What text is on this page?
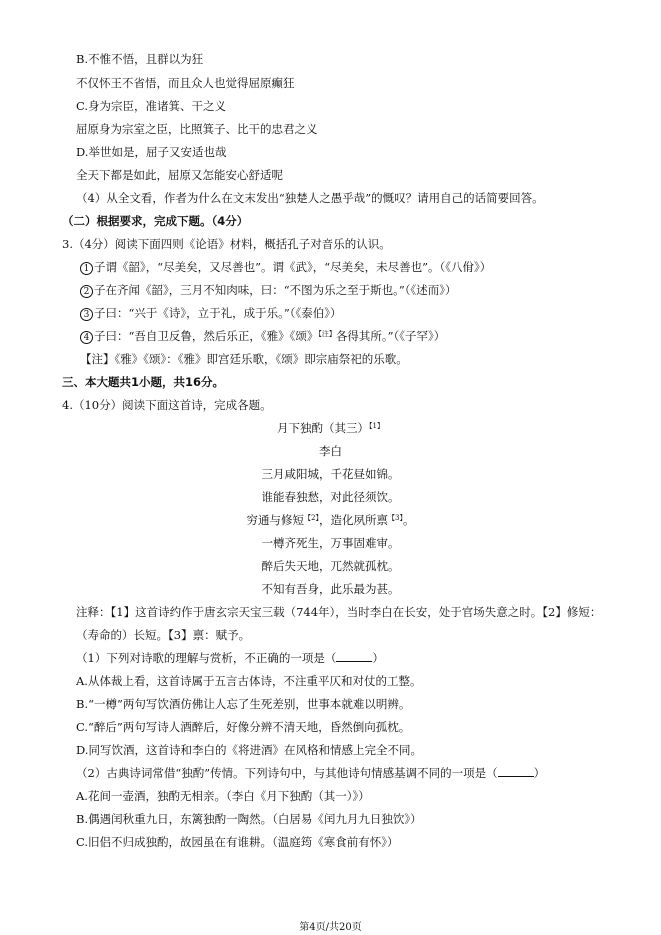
B.不惟不悟，且群以为狂
不仅怀王不省悟，而且众人也觉得屈原癫狂
C.身为宗臣，准诸箕、干之义
屈原身为宗室之臣，比照箕子、比干的忠君之义
D.举世如是，屈子又安适也哉
全天下都是如此，屈原又怎能安心舒适呢
（4）从全文看，作者为什么在文末发出“独楚人之愚乎哉”的慨叹？请用自己的话简要回答。
（二）根据要求，完成下题。（4分）
3.（4分）阅读下面四则《论语》材料，概括孔子对音乐的认识。
1 子谓《韶》，“尽美矣，又尽善也”。谓《武》，“尽美矣，未尽善也”。（《八佾》）
2 子在齐闻《韶》，三月不知肉味，曰：“不图为乐之至于斯也。”（《述而》）
3 子曰：“兴于《诗》，立于礼，成于乐。”（《泰伯》）
4 子曰：“吾自卫反鲁，然后乐正，《雅》《颂》$^{【注】}$各得其所。”（《子罕》）
【注】《雅》《颂》：《雅》即宫廷乐歌，《颂》即宗庙祭祀的乐歌。
三、本大题共1小题，共16分。
4.（10分）阅读下面这首诗，完成各题。
月下独酌（其三）$^{【1】}$
李白
三月咸阳城，千花昼如锦。
谁能春独愁，对此径须饮。
穷通与修短$^{【2】}$，造化夙所禀$^{【3】}$。
一樽齐死生，万事固难审。
醉后失天地，兀然就孤枕。
不知有吾身，此乐最为甚。
注释：【1】这首诗约作于唐玄宗天宝三载（744年），当时李白在长安，处于官场失意之时。【2】修短：
（寿命的）长短。【3】禀：赋予。
（1）下列对诗歌的理解与赏析，不正确的一项是（	）
A.从体裁上看，这首诗属于五言古体诗，不注重平仄和对仗的工整。
B.“一樽”两句写饮酒仿佛让人忘了生死差别，世事本就难以明辨。
C.“醉后”两句写诗人酒醉后，好像分辨不清天地，昏然倒向孤枕。
D.同写饮酒，这首诗和李白的《将进酒》在风格和情感上完全不同。
（2）古典诗词常借“独酌”传情。下列诗句中，与其他诗句情感基调不同的一项是（	）
A.花间一壶酒，独酌无相亲。（李白《月下独酌（其一）》）
B.偶遇闰秋重九日，东篱独酌一陶然。（白居易《闰九月九日独饮》）
C.旧侣不归成独酌，故园虽在有谁耕。（温庭筠《寒食前有怀》）
第4页/共20页
